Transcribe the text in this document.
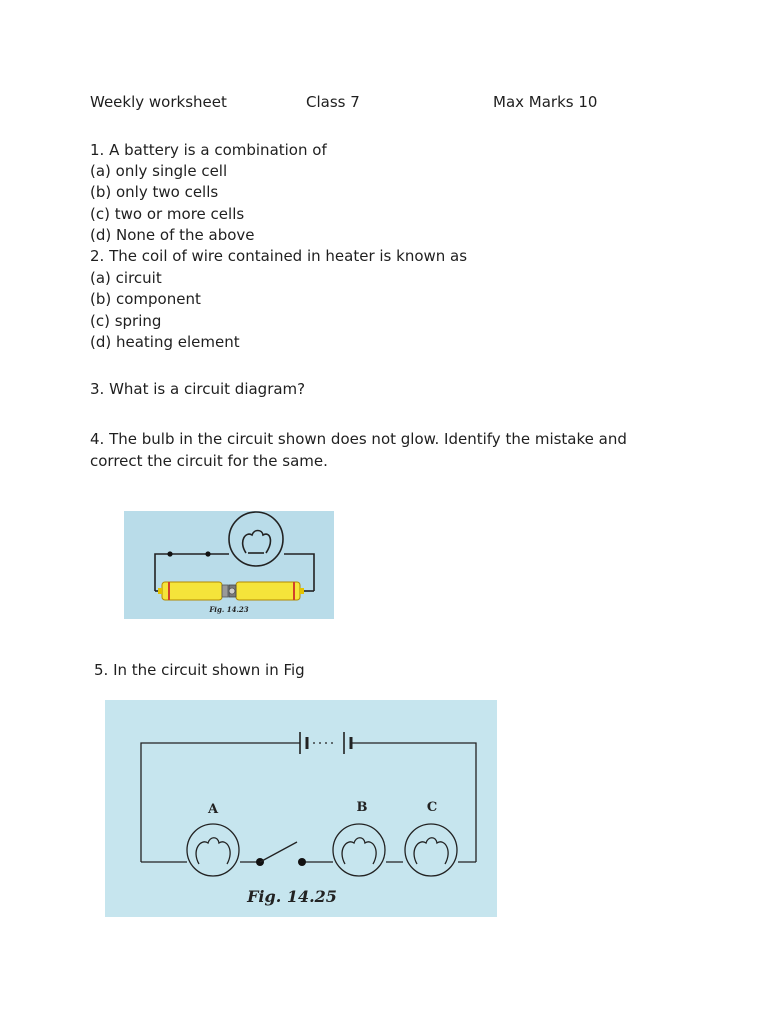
Weekly worksheet	Class 7	Max Marks 10
1. A battery is a combination of
(a) only single cell
(b) only two cells
(c) two or more cells
(d) None of the above
2. The coil of wire contained in heater is known as
(a) circuit
(b) component
(c) spring
(d) heating element
3. What is a circuit diagram?
4. The bulb in the circuit shown does not glow. Identify the mistake and
correct the circuit for the same.
Fig. 14.23
5. In the circuit shown in Fig
A	B	C
Fig. 14.25
